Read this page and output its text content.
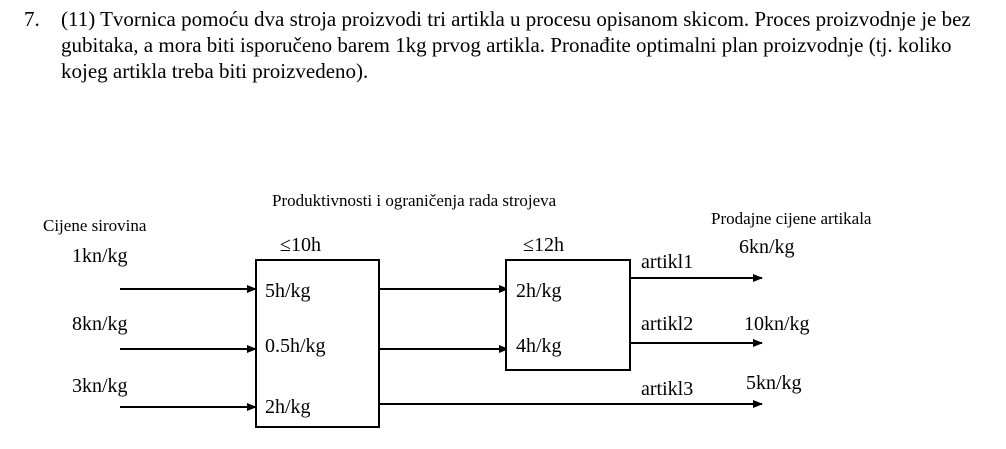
7. (11) Tvornica pomoću dva stroja proizvodi tri artikla u procesu opisanom skicom. Proces proizvodnje je bez gubitaka, a mora biti isporučeno barem 1kg prvog artikla. Pronađite optimalni plan proizvodnje (tj. koliko kojeg artikla treba biti proizvedeno).

Produktivnosti i ograničenja rada strojeva
Cijene sirovina	Prodajne cijene artikala
1kn/kg
8kn/kg
3kn/kg
≤10h
5h/kg
0.5h/kg
2h/kg
≤12h
2h/kg
4h/kg
artikl1
artikl2
artikl3
6kn/kg
10kn/kg
5kn/kg
